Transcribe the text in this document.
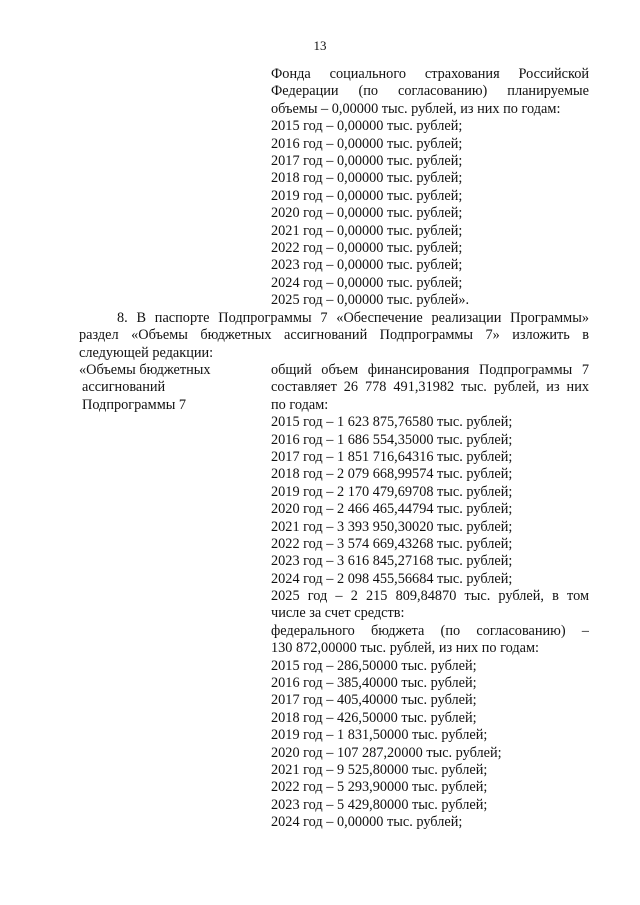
13
Фонда социального страхования Российской
Федерации (по согласованию) планируемые
объемы – 0,00000 тыс. рублей, из них по годам:
2015 год – 0,00000 тыс. рублей;
2016 год – 0,00000 тыс. рублей;
2017 год – 0,00000 тыс. рублей;
2018 год – 0,00000 тыс. рублей;
2019 год – 0,00000 тыс. рублей;
2020 год – 0,00000 тыс. рублей;
2021 год – 0,00000 тыс. рублей;
2022 год – 0,00000 тыс. рублей;
2023 год – 0,00000 тыс. рублей;
2024 год – 0,00000 тыс. рублей;
2025 год – 0,00000 тыс. рублей».
8. В паспорте Подпрограммы 7 «Обеспечение реализации Программы»
раздел «Объемы бюджетных ассигнований Подпрограммы 7» изложить в
следующей редакции:
«Объемы бюджетных
ассигнований
Подпрограммы 7
общий объем финансирования Подпрограммы 7
составляет 26 778 491,31982 тыс. рублей, из них
по годам:
2015 год – 1 623 875,76580 тыс. рублей;
2016 год – 1 686 554,35000 тыс. рублей;
2017 год – 1 851 716,64316 тыс. рублей;
2018 год – 2 079 668,99574 тыс. рублей;
2019 год – 2 170 479,69708 тыс. рублей;
2020 год – 2 466 465,44794 тыс. рублей;
2021 год – 3 393 950,30020 тыс. рублей;
2022 год – 3 574 669,43268 тыс. рублей;
2023 год – 3 616 845,27168 тыс. рублей;
2024 год – 2 098 455,56684 тыс. рублей;
2025 год – 2 215 809,84870 тыс. рублей, в том
числе за счет средств:
федерального бюджета (по согласованию) –
130 872,00000 тыс. рублей, из них по годам:
2015 год – 286,50000 тыс. рублей;
2016 год – 385,40000 тыс. рублей;
2017 год – 405,40000 тыс. рублей;
2018 год – 426,50000 тыс. рублей;
2019 год – 1 831,50000 тыс. рублей;
2020 год – 107 287,20000 тыс. рублей;
2021 год – 9 525,80000 тыс. рублей;
2022 год – 5 293,90000 тыс. рублей;
2023 год – 5 429,80000 тыс. рублей;
2024 год – 0,00000 тыс. рублей;
